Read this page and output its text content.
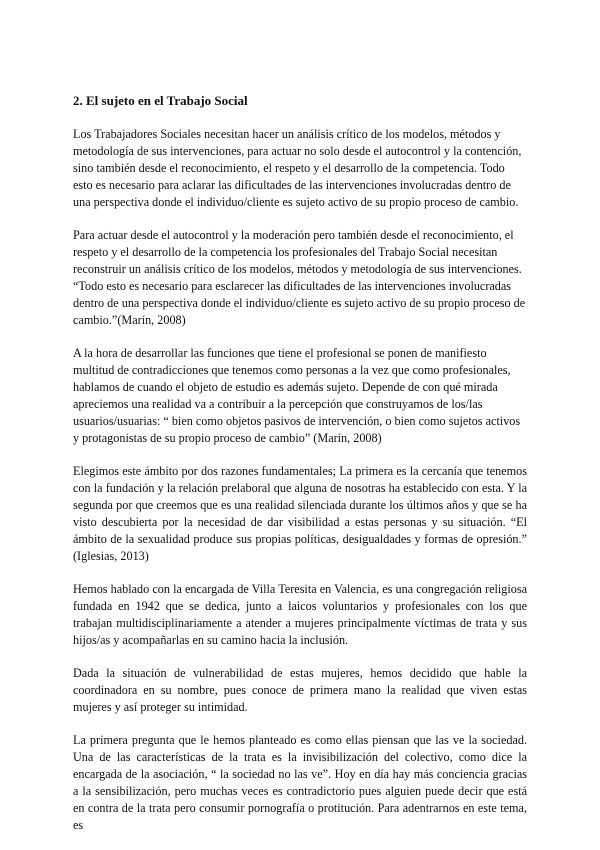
2. El sujeto en el Trabajo Social

Los Trabajadores Sociales necesitan hacer un análisis crítico de los modelos, métodos y metodología de sus intervenciones, para actuar no solo desde el autocontrol y la contención, sino también desde el reconocimiento, el respeto y el desarrollo de la competencia. Todo esto es necesario para aclarar las dificultades de las intervenciones involucradas dentro de una perspectiva donde el individuo/cliente es sujeto activo de su propio proceso de cambio.

Para actuar desde el autocontrol y la moderación pero también desde el reconocimiento, el respeto y el desarrollo de la competencia los profesionales del Trabajo Social necesitan reconstruir un análisis crítico de los modelos, métodos y metodología de sus intervenciones. “Todo esto es necesario para esclarecer las dificultades de las intervenciones involucradas dentro de una perspectiva donde el individuo/cliente es sujeto activo de su propio proceso de cambio.”(Marín, 2008)

A la hora de desarrollar las funciones que tiene el profesional se ponen de manifiesto multitud de contradicciones que tenemos como personas a la vez que como profesionales, hablamos de cuando el objeto de estudio es además sujeto. Depende de con qué mirada apreciemos una realidad va a contribuir a la percepción que construyamos de los/las usuarios/usuarias: “ bien como objetos pasivos de intervención, o bien como sujetos activos y protagonistas de su propio proceso de cambio” (Marín, 2008)

Elegimos este ámbito por dos razones fundamentales; La primera es la cercanía que tenemos con la fundación y la relación prelaboral que alguna de nosotras ha establecido con esta. Y la segunda por que creemos que es una realidad silenciada durante los últimos años y que se ha visto descubierta por la necesidad de dar visibilidad a estas personas y su situación. “El ámbito de la sexualidad produce sus propias políticas, desigualdades y formas de opresión.” (Iglesias, 2013)

Hemos hablado con la encargada de Villa Teresita en Valencia, es una congregación religiosa fundada en 1942 que se dedica, junto a laicos voluntarios y profesionales con los que trabajan multidisciplinariamente a atender a mujeres principalmente víctimas de trata y sus hijos/as y acompañarlas en su camino hacia la inclusión.

Dada la situación de vulnerabilidad de estas mujeres, hemos decidido que hable la coordinadora en su nombre, pues conoce de primera mano la realidad que viven estas mujeres y así proteger su intimidad.

La primera pregunta que le hemos planteado es como ellas piensan que las ve la sociedad. Una de las características de la trata es la invisibilización del colectivo, como dice la encargada de la asociación, “ la sociedad no las ve”. Hoy en día hay más conciencia gracias a la sensibilización, pero muchas veces es contradictorio pues alguien puede decir que está en contra de la trata pero consumir pornografía o protitución. Para adentrarnos en este tema, es
